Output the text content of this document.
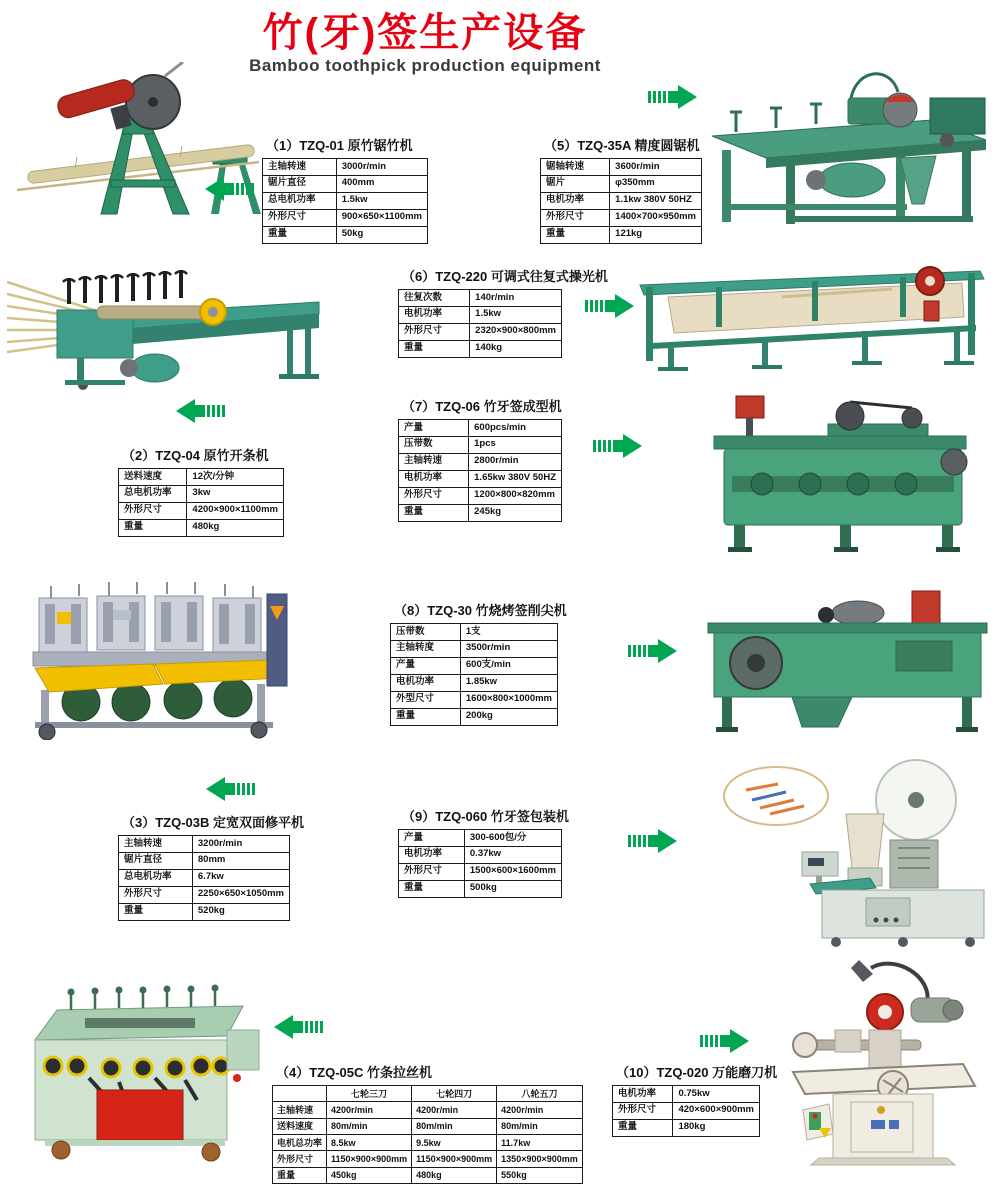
竹(牙)签生产设备
Bamboo toothpick production equipment
（1）TZQ-01 原竹锯竹机
主轴转速	3000r/min
锯片直径	400mm
总电机功率	1.5kw
外形尺寸	900×650×1100mm
重量	50kg
（5）TZQ-35A 精度圆锯机
锯轴转速	3600r/min
锯片	φ350mm
电机功率	1.1kw 380V 50HZ
外形尺寸	1400×700×950mm
重量	121kg
（6）TZQ-220 可调式往复式操光机
往复次数	140r/min
电机功率	1.5kw
外形尺寸	2320×900×800mm
重量	140kg
（2）TZQ-04 原竹开条机
送料速度	12次/分钟
总电机功率	3kw
外形尺寸	4200×900×1100mm
重量	480kg
（7）TZQ-06 竹牙签成型机
产量	600pcs/min
压带数	1pcs
主轴转速	2800r/min
电机功率	1.65kw 380V 50HZ
外形尺寸	1200×800×820mm
重量	245kg
（8）TZQ-30 竹烧烤签削尖机
压带数	1支
主轴转度	3500r/min
产量	600支/min
电机功率	1.85kw
外型尺寸	1600×800×1000mm
重量	200kg
（3）TZQ-03B 定宽双面修平机
主轴转速	3200r/min
锯片直径	80mm
总电机功率	6.7kw
外形尺寸	2250×650×1050mm
重量	520kg
（9）TZQ-060 竹牙签包装机
产量	300-600包/分
电机功率	0.37kw
外形尺寸	1500×600×1600mm
重量	500kg
（4）TZQ-05C 竹条拉丝机
	七轮三刀	七轮四刀	八轮五刀
主轴转速	4200r/min	4200r/min	4200r/min
送料速度	80m/min	80m/min	80m/min
电机总功率	8.5kw	9.5kw	11.7kw
外形尺寸	1150×900×900mm	1150×900×900mm	1350×900×900mm
重量	450kg	480kg	550kg
（10）TZQ-020 万能磨刀机
电机功率	0.75kw
外形尺寸	420×600×900mm
重量	180kg
